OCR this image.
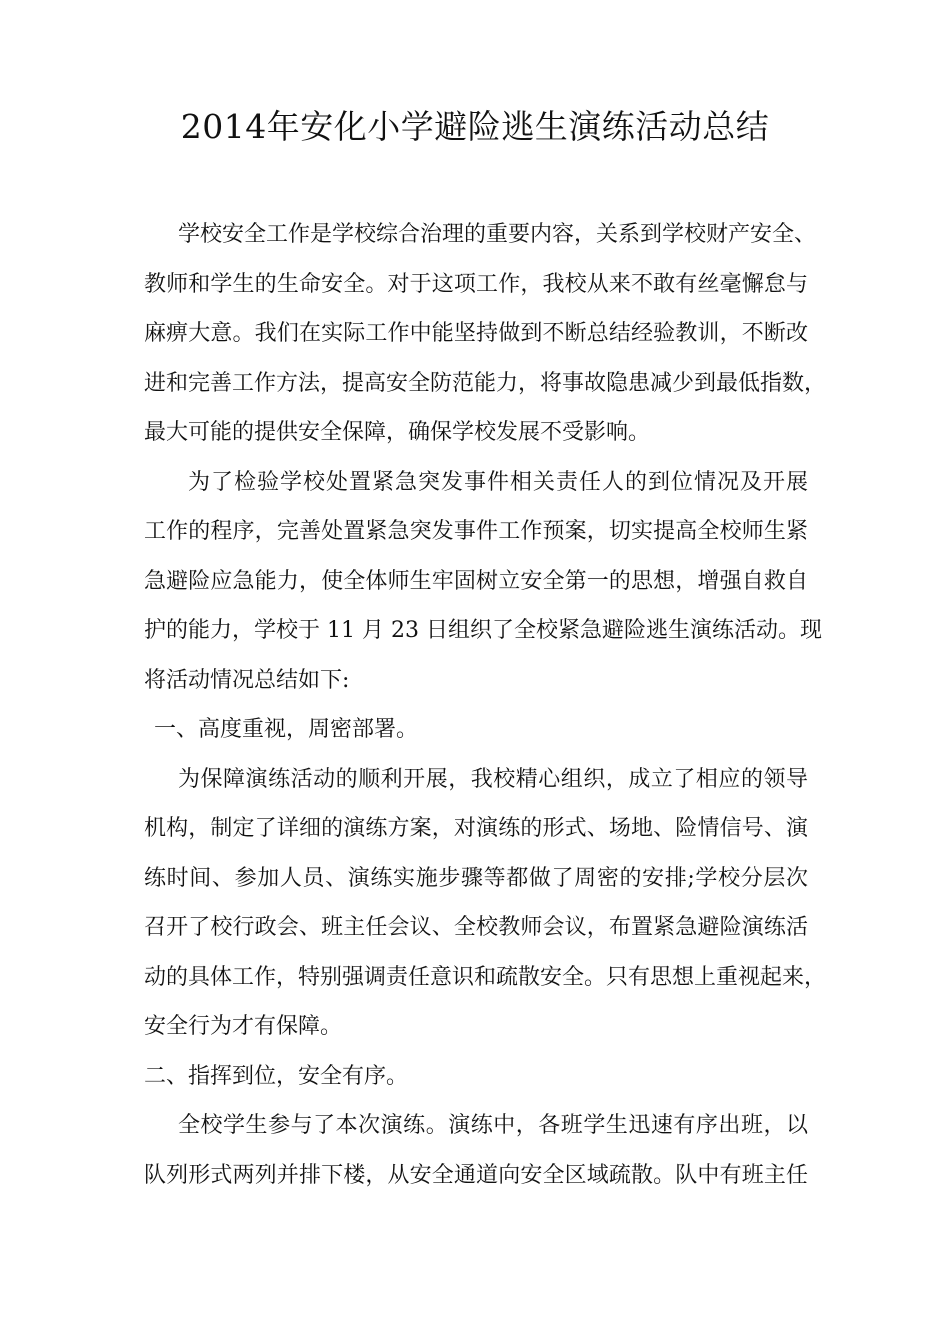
2014年安化小学避险逃生演练活动总结
学校安全工作是学校综合治理的重要内容，关系到学校财产安全、
教师和学生的生命安全。对于这项工作，我校从来不敢有丝毫懈怠与
麻痹大意。我们在实际工作中能坚持做到不断总结经验教训，不断改
进和完善工作方法，提高安全防范能力，将事故隐患减少到最低指数，
最大可能的提供安全保障，确保学校发展不受影响。
为了检验学校处置紧急突发事件相关责任人的到位情况及开展
工作的程序，完善处置紧急突发事件工作预案，切实提高全校师生紧
急避险应急能力，使全体师生牢固树立安全第一的思想，增强自救自
护的能力，学校于 11 月 23 日组织了全校紧急避险逃生演练活动。现
将活动情况总结如下:
一、高度重视，周密部署。
为保障演练活动的顺利开展，我校精心组织，成立了相应的领导
机构，制定了详细的演练方案，对演练的形式、场地、险情信号、演
练时间、参加人员、演练实施步骤等都做了周密的安排;学校分层次
召开了校行政会、班主任会议、全校教师会议，布置紧急避险演练活
动的具体工作，特别强调责任意识和疏散安全。只有思想上重视起来，
安全行为才有保障。
二、指挥到位，安全有序。
全校学生参与了本次演练。演练中，各班学生迅速有序出班，以
队列形式两列并排下楼，从安全通道向安全区域疏散。队中有班主任
